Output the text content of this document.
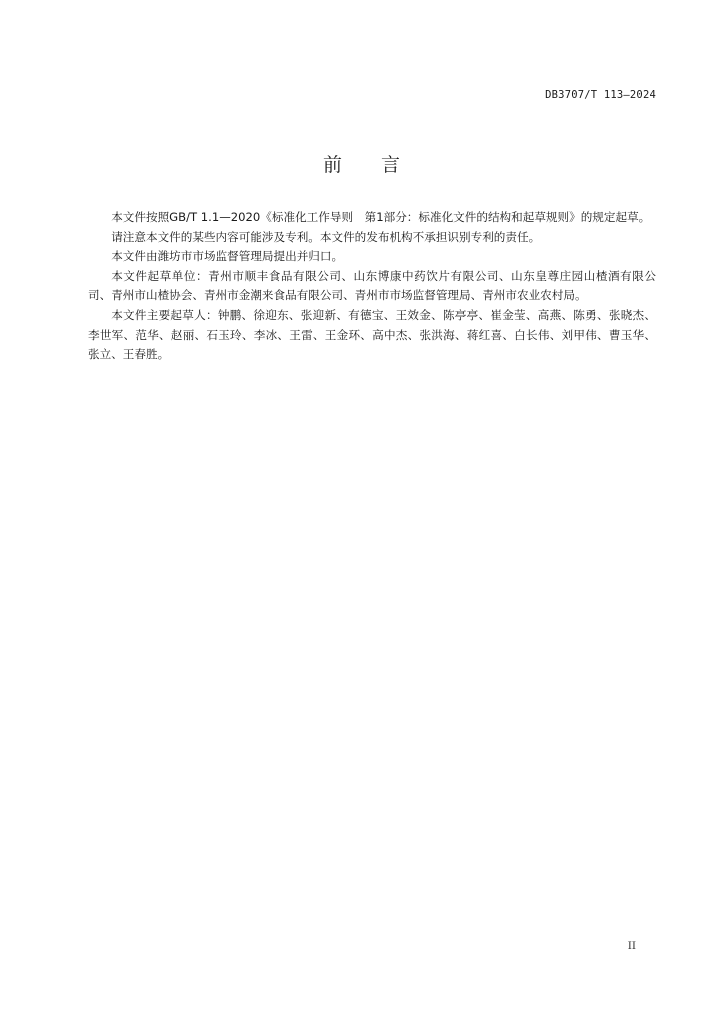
DB3707/T 113—2024
前 言

本文件按照GB/T 1.1—2020《标准化工作导则　第1部分：标准化文件的结构和起草规则》的规定起草。

请注意本文件的某些内容可能涉及专利。本文件的发布机构不承担识别专利的责任。

本文件由潍坊市市场监督管理局提出并归口。

本文件起草单位：青州市顺丰食品有限公司、山东博康中药饮片有限公司、山东皇尊庄园山楂酒有限公司、青州市山楂协会、青州市金潮来食品有限公司、青州市市场监督管理局、青州市农业农村局。

本文件主要起草人：钟鹏、徐迎东、张迎新、有德宝、王效金、陈亭亭、崔金莹、高燕、陈勇、张晓杰、李世军、范华、赵丽、石玉玲、李冰、王雷、王金环、高中杰、张洪海、蒋红喜、白长伟、刘甲伟、曹玉华、张立、王春胜。

II
